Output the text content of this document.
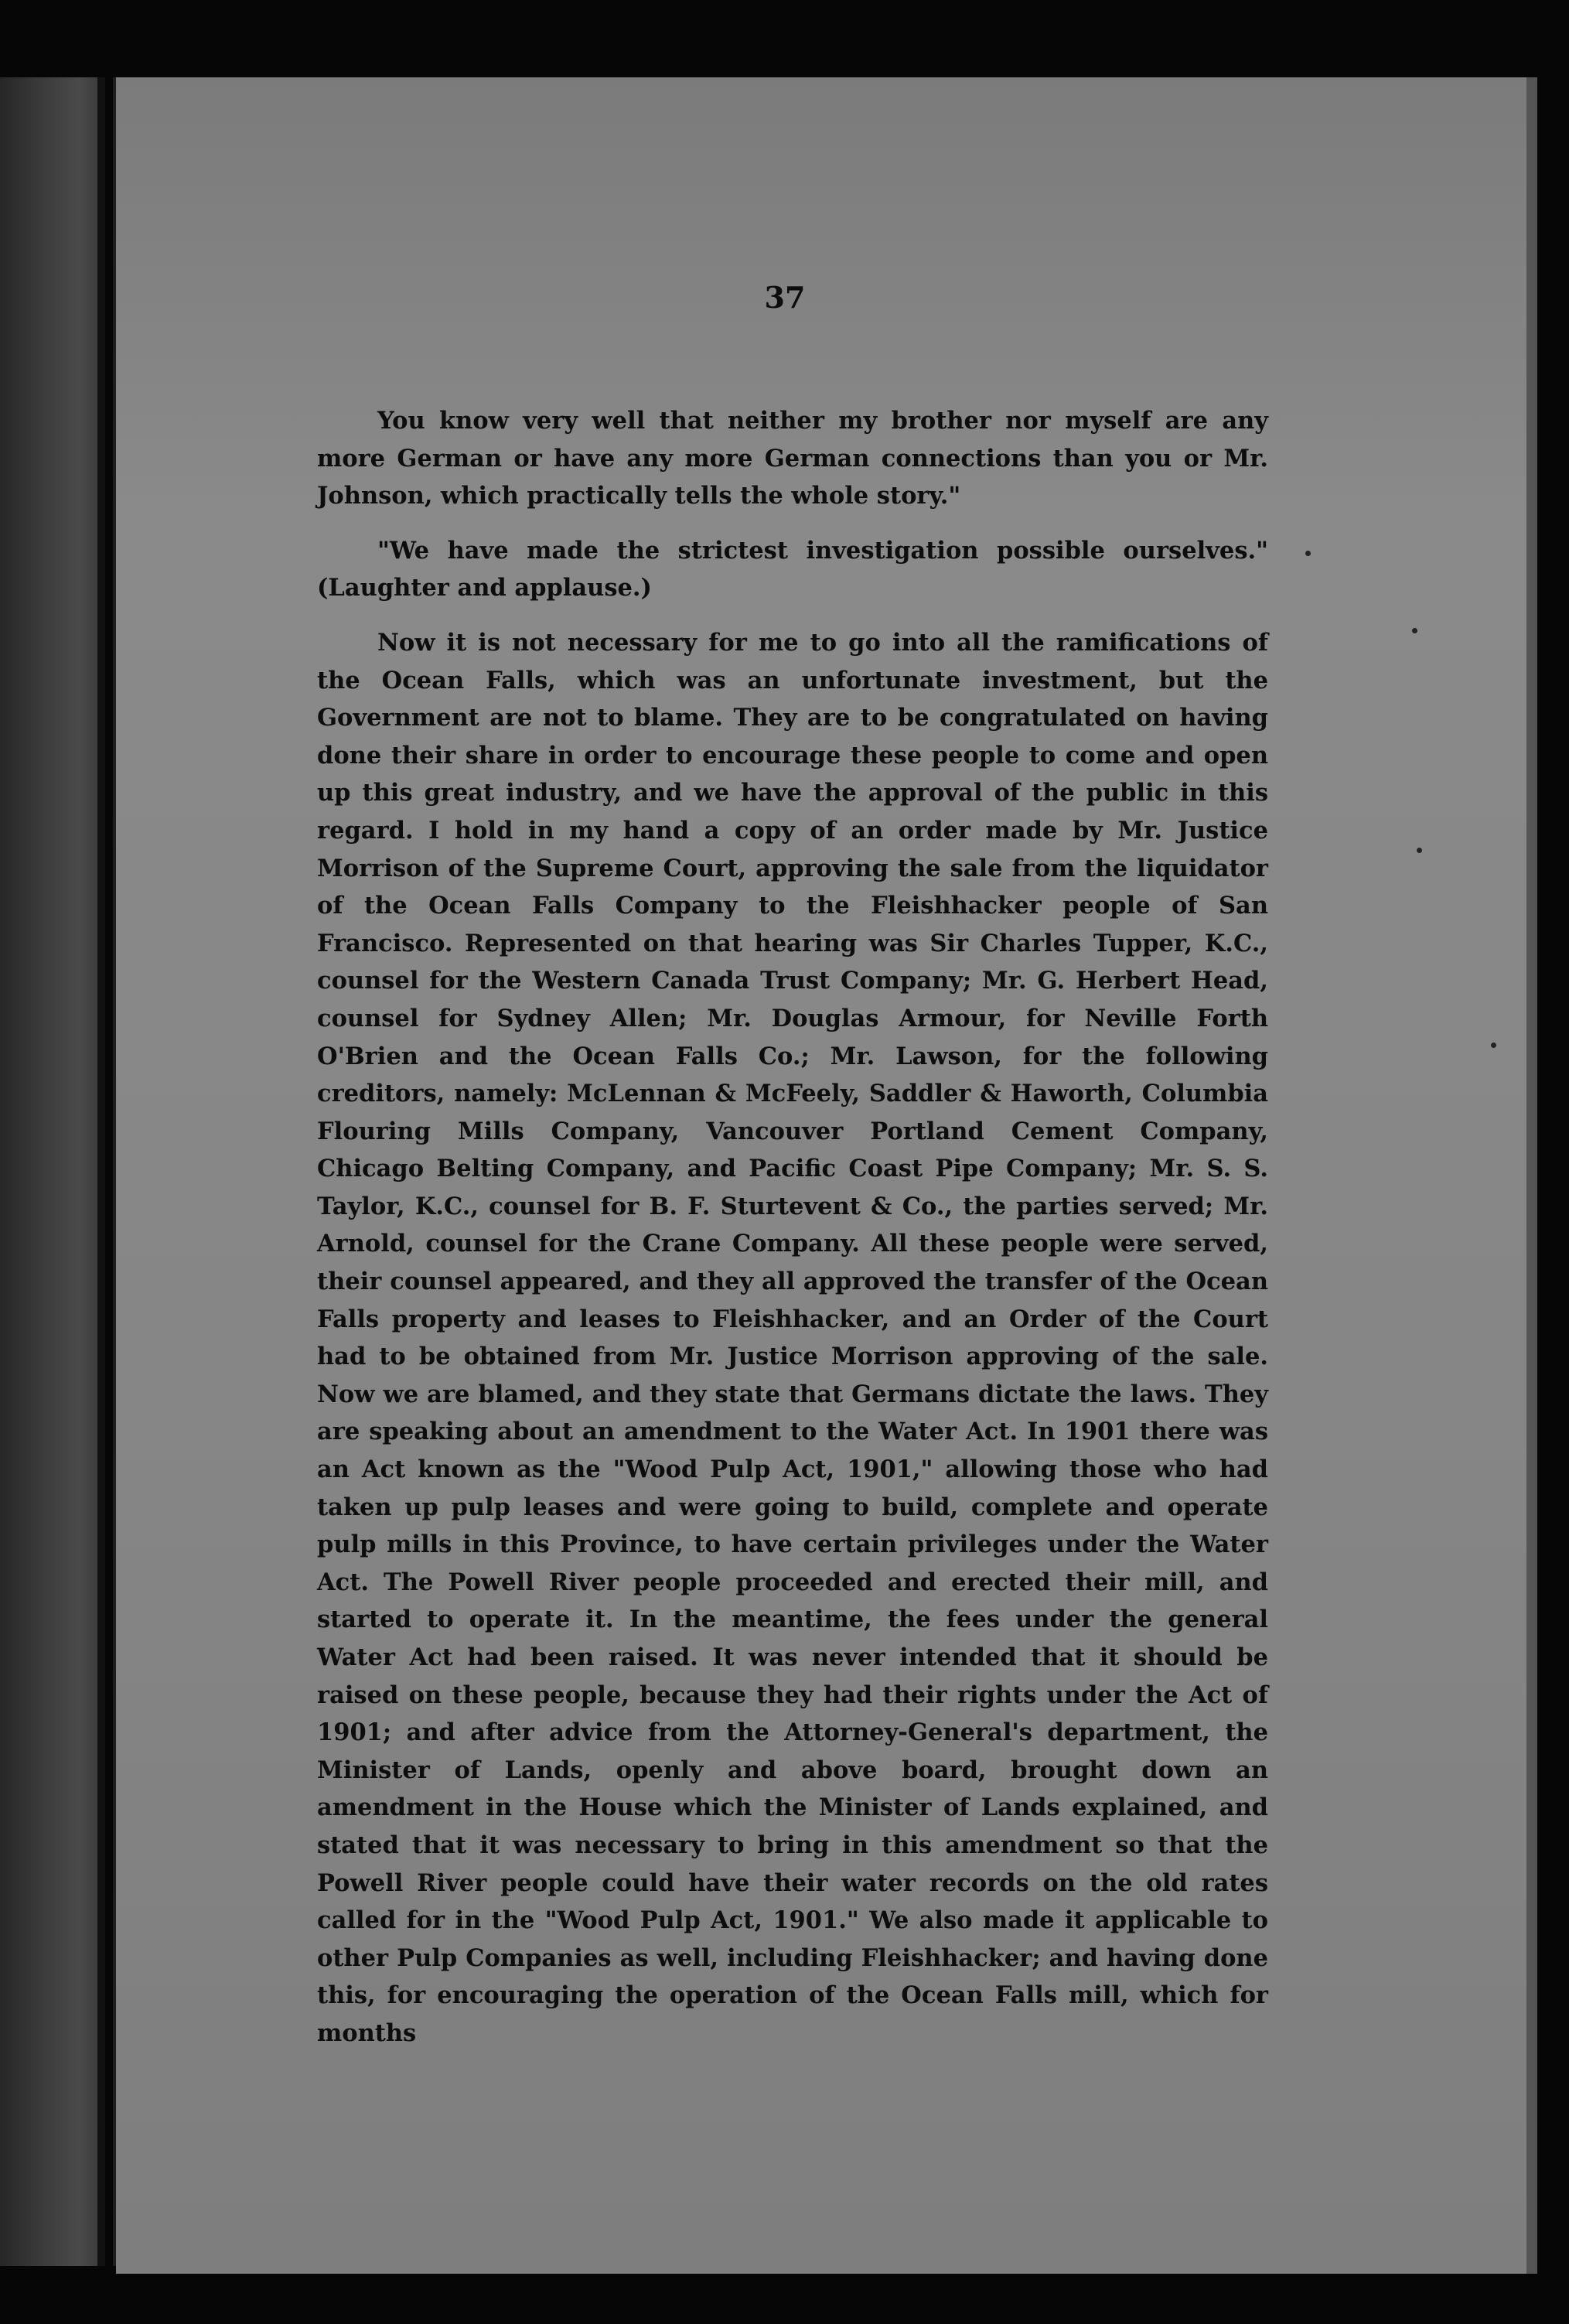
37

You know very well that neither my brother nor myself are any more German or have any more German connections than you or Mr. Johnson, which practically tells the whole story."

"We have made the strictest investigation possible ourselves." (Laughter and applause.)

Now it is not necessary for me to go into all the ramifications of the Ocean Falls, which was an unfortunate investment, but the Government are not to blame. They are to be congratulated on having done their share in order to encourage these people to come and open up this great industry, and we have the approval of the public in this regard. I hold in my hand a copy of an order made by Mr. Justice Morrison of the Supreme Court, approving the sale from the liquidator of the Ocean Falls Company to the Fleishhacker people of San Francisco. Represented on that hearing was Sir Charles Tupper, K.C., counsel for the Western Canada Trust Company; Mr. G. Herbert Head, counsel for Sydney Allen; Mr. Douglas Armour, for Neville Forth O'Brien and the Ocean Falls Co.; Mr. Lawson, for the following creditors, namely: McLennan & McFeely, Saddler & Haworth, Columbia Flouring Mills Company, Vancouver Portland Cement Company, Chicago Belting Company, and Pacific Coast Pipe Company; Mr. S. S. Taylor, K.C., counsel for B. F. Sturtevent & Co., the parties served; Mr. Arnold, counsel for the Crane Company. All these people were served, their counsel appeared, and they all approved the transfer of the Ocean Falls property and leases to Fleishhacker, and an Order of the Court had to be obtained from Mr. Justice Morrison approving of the sale. Now we are blamed, and they state that Germans dictate the laws. They are speaking about an amendment to the Water Act. In 1901 there was an Act known as the "Wood Pulp Act, 1901," allowing those who had taken up pulp leases and were going to build, complete and operate pulp mills in this Province, to have certain privileges under the Water Act. The Powell River people proceeded and erected their mill, and started to operate it. In the meantime, the fees under the general Water Act had been raised. It was never intended that it should be raised on these people, because they had their rights under the Act of 1901; and after advice from the Attorney-General's department, the Minister of Lands, openly and above board, brought down an amendment in the House which the Minister of Lands explained, and stated that it was necessary to bring in this amendment so that the Powell River people could have their water records on the old rates called for in the "Wood Pulp Act, 1901." We also made it applicable to other Pulp Companies as well, including Fleishhacker; and having done this, for encouraging the operation of the Ocean Falls mill, which for months
